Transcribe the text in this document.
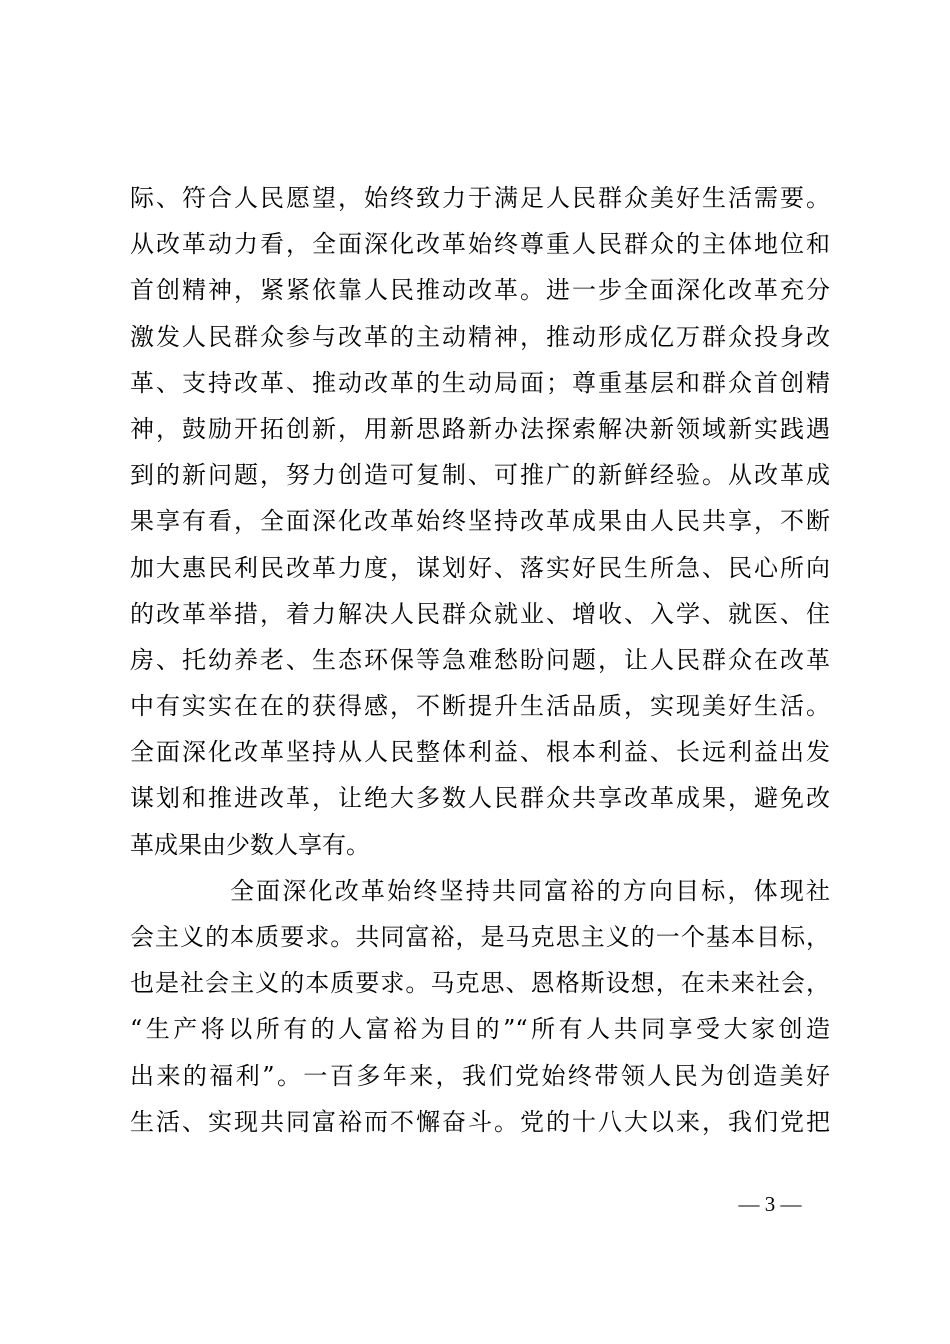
际、符合人民愿望，始终致力于满足人民群众美好生活需要。
从改革动力看，全面深化改革始终尊重人民群众的主体地位和
首创精神，紧紧依靠人民推动改革。进一步全面深化改革充分
激发人民群众参与改革的主动精神，推动形成亿万群众投身改
革、支持改革、推动改革的生动局面；尊重基层和群众首创精
神，鼓励开拓创新，用新思路新办法探索解决新领域新实践遇
到的新问题，努力创造可复制、可推广的新鲜经验。从改革成
果享有看，全面深化改革始终坚持改革成果由人民共享，不断
加大惠民利民改革力度，谋划好、落实好民生所急、民心所向
的改革举措，着力解决人民群众就业、增收、入学、就医、住
房、托幼养老、生态环保等急难愁盼问题，让人民群众在改革
中有实实在在的获得感，不断提升生活品质，实现美好生活。
全面深化改革坚持从人民整体利益、根本利益、长远利益出发
谋划和推进改革，让绝大多数人民群众共享改革成果，避免改
革成果由少数人享有。
全面深化改革始终坚持共同富裕的方向目标，体现社
会主义的本质要求。共同富裕，是马克思主义的一个基本目标，
也是社会主义的本质要求。马克思、恩格斯设想，在未来社会，
“生产将以所有的人富裕为目的”“所有人共同享受大家创造
出来的福利”。一百多年来，我们党始终带领人民为创造美好
生活、实现共同富裕而不懈奋斗。党的十八大以来，我们党把
— 3 —
